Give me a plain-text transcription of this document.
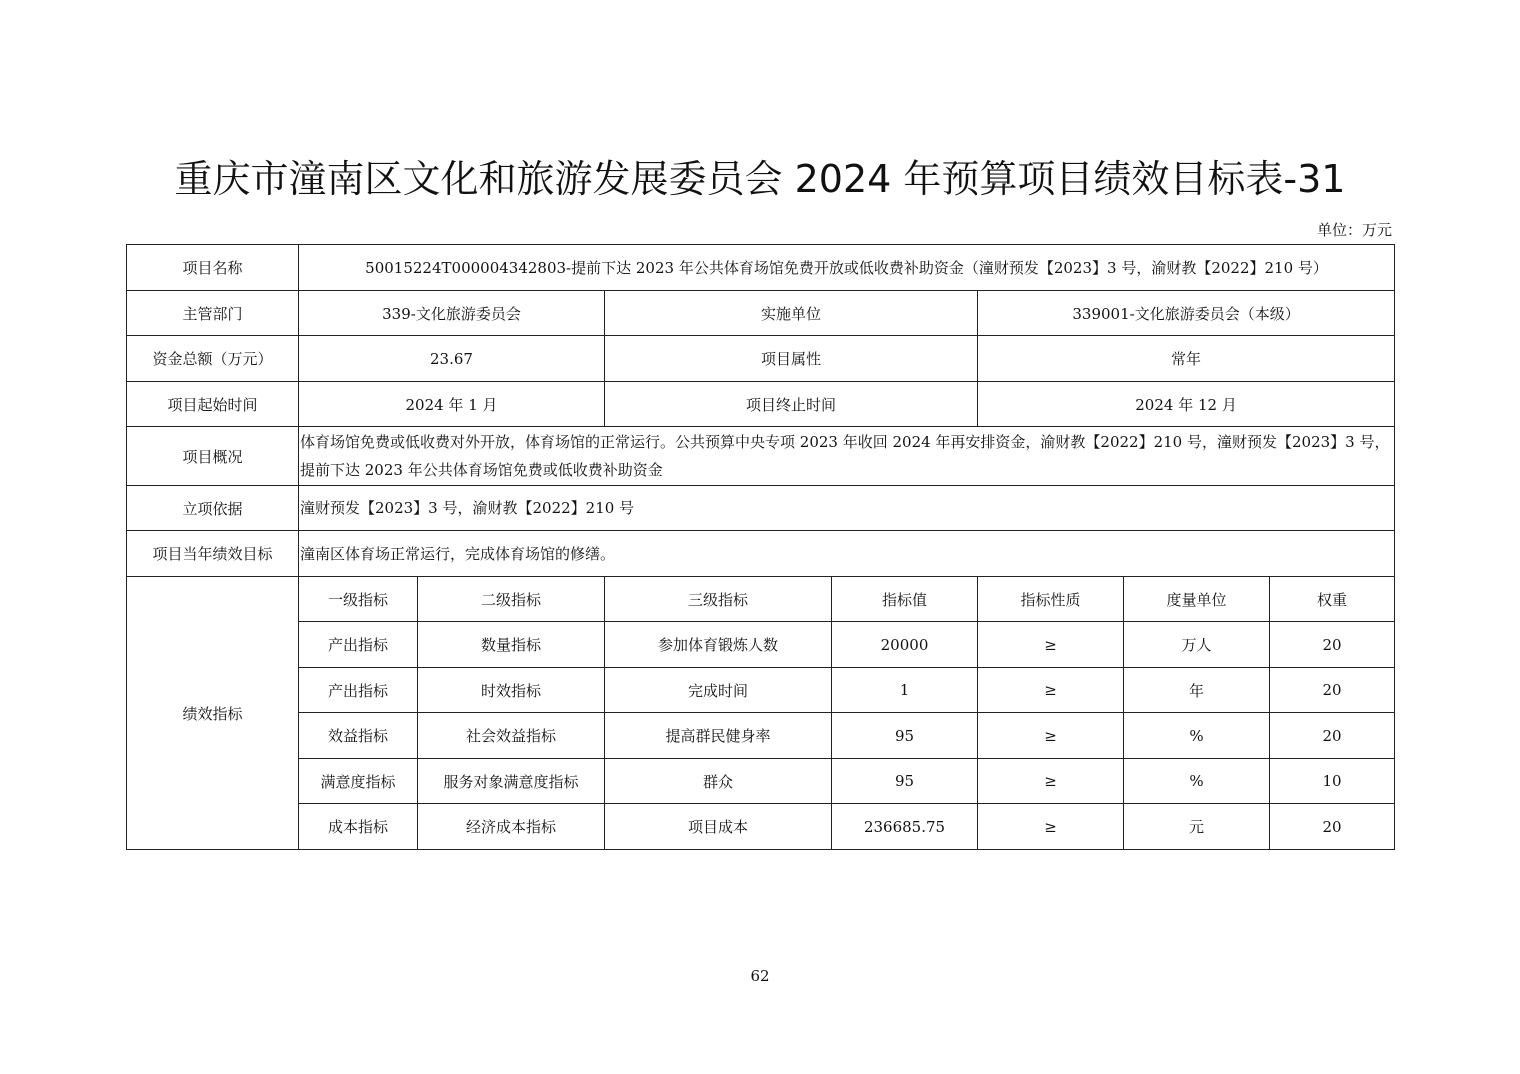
重庆市潼南区文化和旅游发展委员会 2024 年预算项目绩效目标表-31
单位：万元
项目名称	50015224T000004342803-提前下达 2023 年公共体育场馆免费开放或低收费补助资金（潼财预发【2023】3 号，渝财教【2022】210 号）						
主管部门	339-文化旅游委员会		实施单位		339001-文化旅游委员会（本级）		
资金总额（万元）	23.67		项目属性		常年		
项目起始时间	2024 年 1 月		项目终止时间		2024 年 12 月		
项目概况	体育场馆免费或低收费对外开放，体育场馆的正常运行。公共预算中央专项 2023 年收回 2024 年再安排资金，渝财教【2022】210 号，潼财预发【2023】3 号，提前下达 2023 年公共体育场馆免费或低收费补助资金						
立项依据	潼财预发【2023】3 号，渝财教【2022】210 号						
项目当年绩效目标	潼南区体育场正常运行，完成体育场馆的修缮。						
绩效指标	一级指标	二级指标	三级指标	指标值	指标性质	度量单位	权重
	产出指标	数量指标	参加体育锻炼人数	20000	≥	万人	20
	产出指标	时效指标	完成时间	1	≥	年	20
	效益指标	社会效益指标	提高群民健身率	95	≥	%	20
	满意度指标	服务对象满意度指标	群众	95	≥	%	10
	成本指标	经济成本指标	项目成本	236685.75	≥	元	20
62
